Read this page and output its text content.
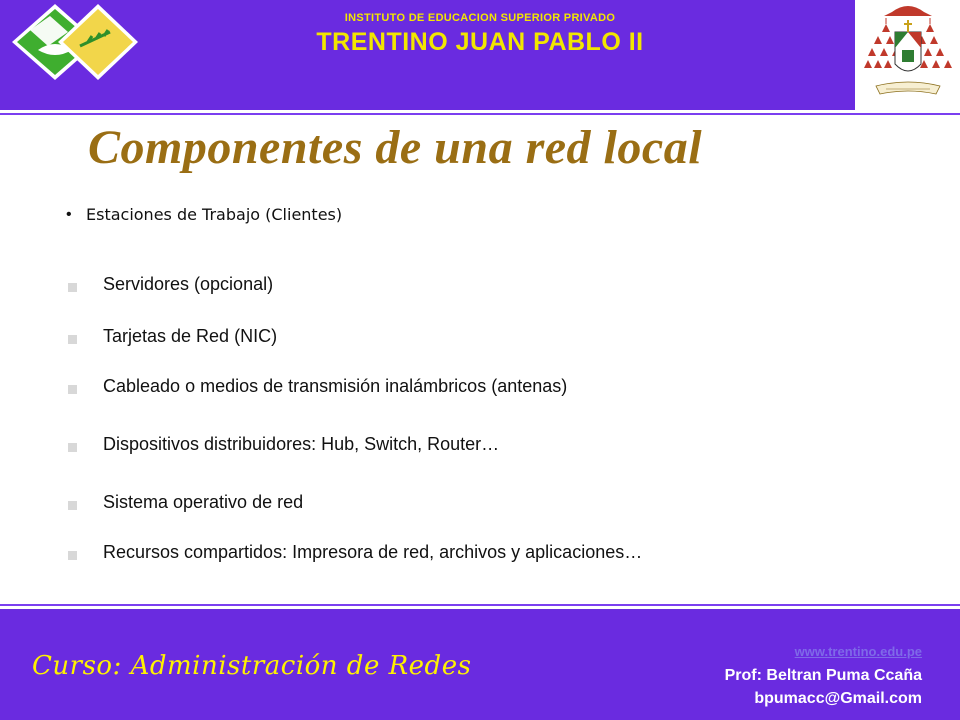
INSTITUTO DE EDUCACION SUPERIOR PRIVADO
TRENTINO JUAN PABLO II
Componentes de una red local
• Estaciones de Trabajo (Clientes)
Servidores (opcional)
Tarjetas de Red (NIC)
Cableado o medios de transmisión inalámbricos (antenas)
Dispositivos distribuidores: Hub, Switch, Router…
Sistema operativo de red
Recursos compartidos: Impresora de red, archivos y aplicaciones…
Curso: Administración de Redes	www.trentino.edu.pe
Prof: Beltran Puma Ccaña
bpumacc@Gmail.com
